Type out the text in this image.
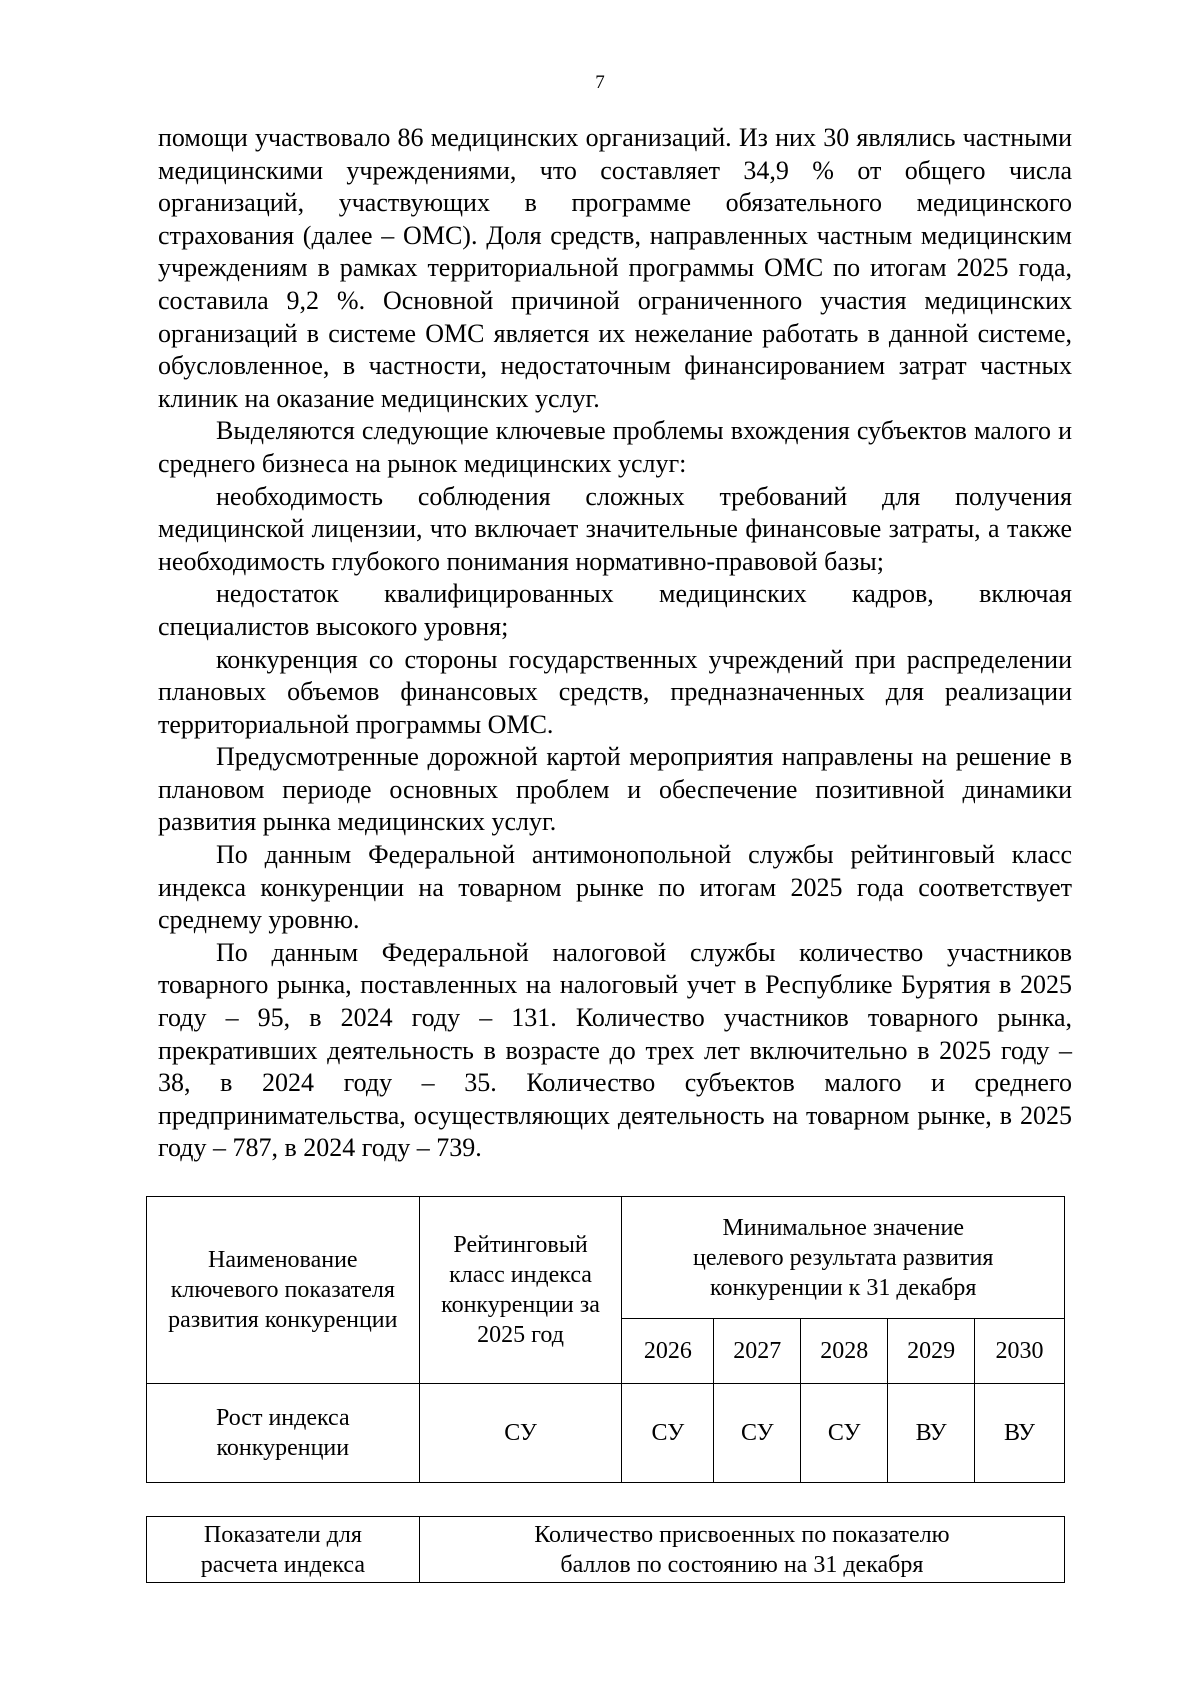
7

помощи участвовало 86 медицинских организаций. Из них 30 являлись частными медицинскими учреждениями, что составляет 34,9 % от общего числа организаций, участвующих в программе обязательного медицинского страхования (далее – ОМС). Доля средств, направленных частным медицинским учреждениям в рамках территориальной программы ОМС по итогам 2025 года, составила 9,2 %. Основной причиной ограниченного участия медицинских организаций в системе ОМС является их нежелание работать в данной системе, обусловленное, в частности, недостаточным финансированием затрат частных клиник на оказание медицинских услуг.

Выделяются следующие ключевые проблемы вхождения субъектов малого и среднего бизнеса на рынок медицинских услуг:

необходимость соблюдения сложных требований для получения медицинской лицензии, что включает значительные финансовые затраты, а также необходимость глубокого понимания нормативно-правовой базы;

недостаток квалифицированных медицинских кадров, включая специалистов высокого уровня;

конкуренция со стороны государственных учреждений при распределении плановых объемов финансовых средств, предназначенных для реализации территориальной программы ОМС.

Предусмотренные дорожной картой мероприятия направлены на решение в плановом периоде основных проблем и обеспечение позитивной динамики развития рынка медицинских услуг.

По данным Федеральной антимонопольной службы рейтинговый класс индекса конкуренции на товарном рынке по итогам 2025 года соответствует среднему уровню.

По данным Федеральной налоговой службы количество участников товарного рынка, поставленных на налоговый учет в Республике Бурятия в 2025 году – 95, в 2024 году – 131. Количество участников товарного рынка, прекративших деятельность в возрасте до трех лет включительно в 2025 году – 38, в 2024 году – 35. Количество субъектов малого и среднего предпринимательства, осуществляющих деятельность на товарном рынке, в 2025 году – 787, в 2024 году – 739.

Наименование ключевого показателя развития конкуренции	Рейтинговый класс индекса конкуренции за 2025 год	Минимальное значение целевого результата развития конкуренции к 31 декабря				
		2026	2027	2028	2029	2030
Рост индекса конкуренции	СУ	СУ	СУ	СУ	ВУ	ВУ
Показатели для расчета индекса	Количество присвоенных по показателю баллов по состоянию на 31 декабря
